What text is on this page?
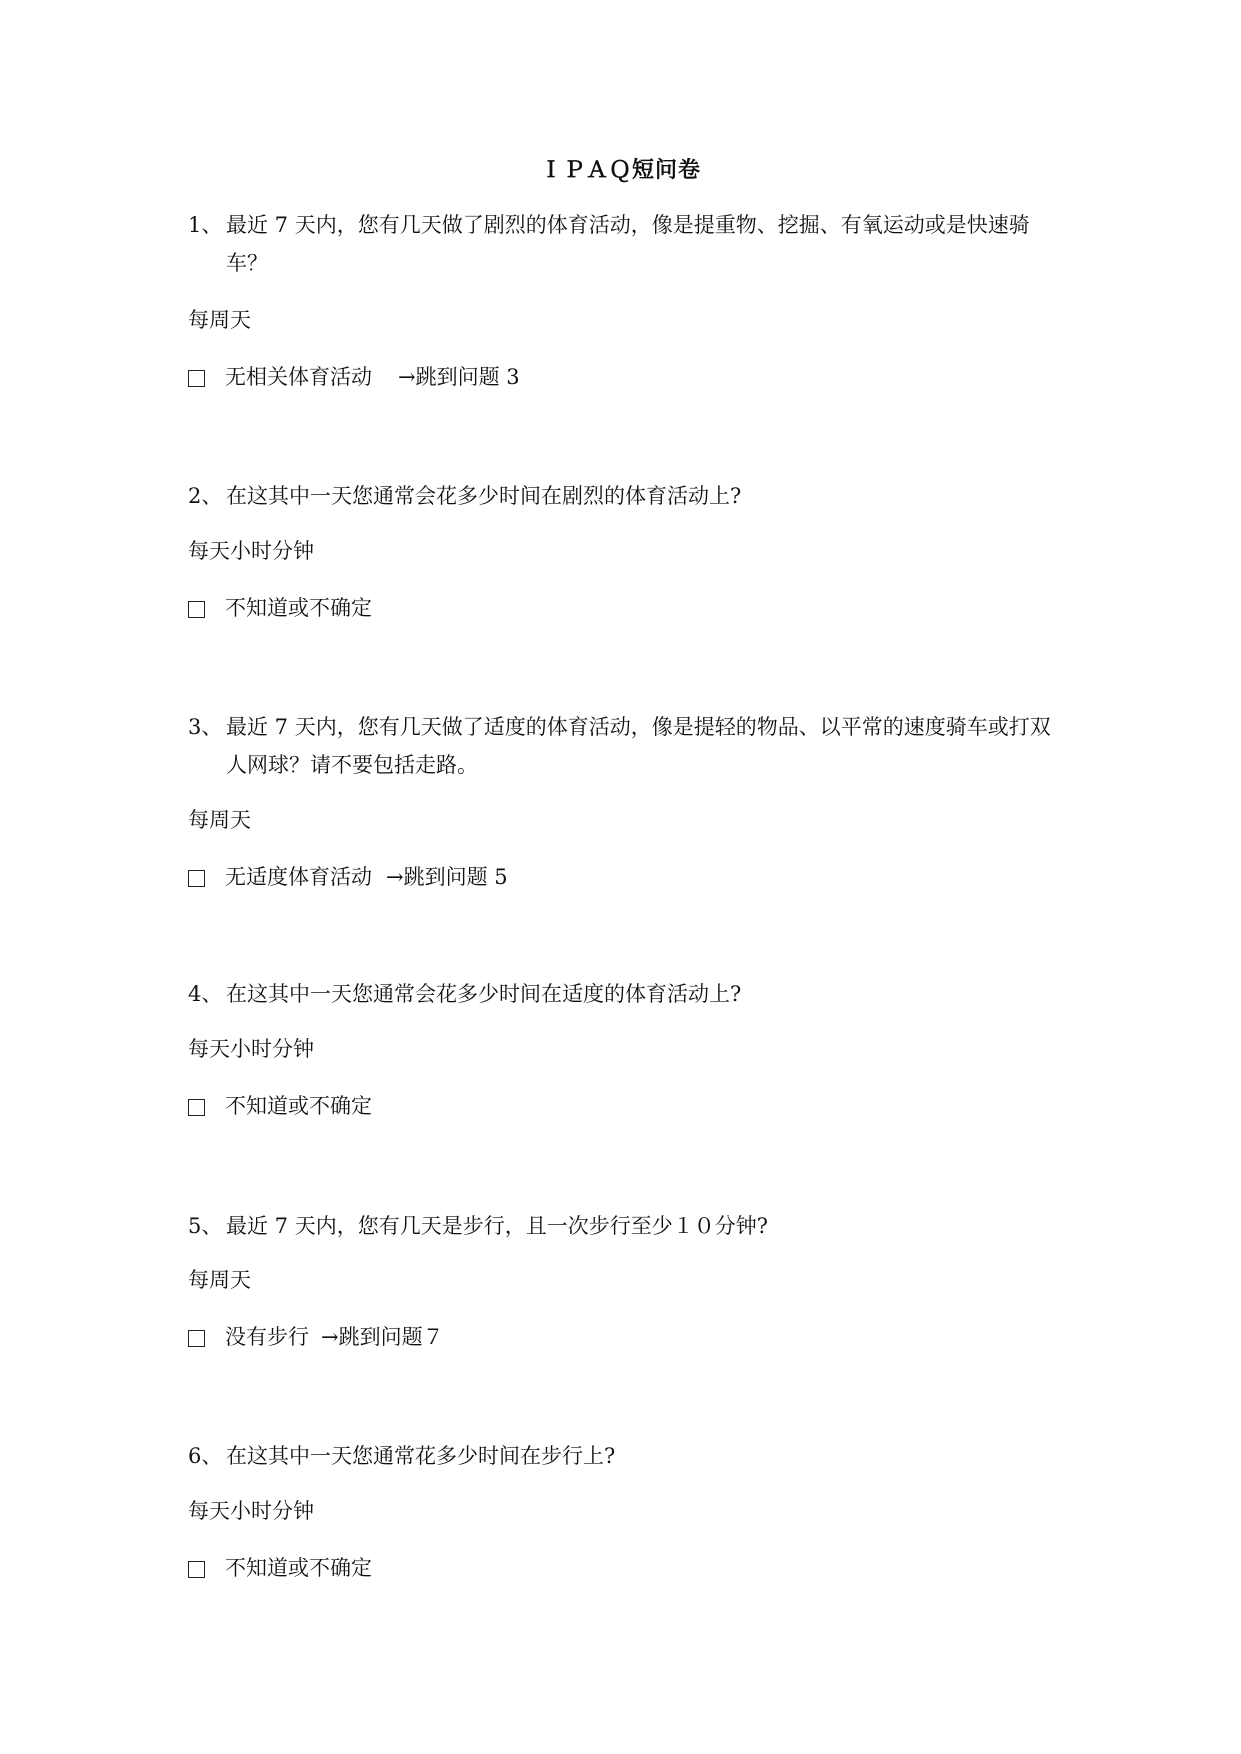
ＩＰＡＱ短问卷
1、 最近 7 天内，您有几天做了剧烈的体育活动，像是提重物、挖掘、有氧运动或是快速骑车？
每周天
无相关体育活动 →跳到问题 3
2、 在这其中一天您通常会花多少时间在剧烈的体育活动上?
每天小时分钟
不知道或不确定
3、 最近 7 天内，您有几天做了适度的体育活动，像是提轻的物品、以平常的速度骑车或打双人网球？请不要包括走路。
每周天
无适度体育活动 →跳到问题 5
4、 在这其中一天您通常会花多少时间在适度的体育活动上?
每天小时分钟
不知道或不确定
5、 最近 7 天内，您有几天是步行，且一次步行至少１０分钟?
每周天
没有步行 →跳到问题７
6、 在这其中一天您通常花多少时间在步行上?
每天小时分钟
不知道或不确定
